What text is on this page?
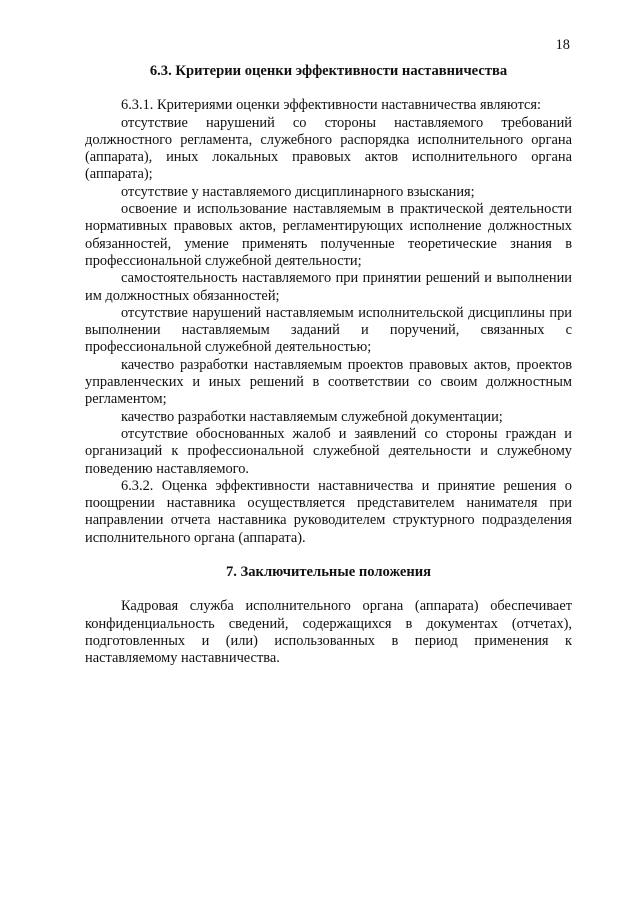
18
6.3. Критерии оценки эффективности наставничества

6.3.1. Критериями оценки эффективности наставничества являются:

отсутствие нарушений со стороны наставляемого требований должностного регламента, служебного распорядка исполнительного органа (аппарата), иных локальных правовых актов исполнительного органа (аппарата);

отсутствие у наставляемого дисциплинарного взыскания;

освоение и использование наставляемым в практической деятельности нормативных правовых актов, регламентирующих исполнение должностных обязанностей, умение применять полученные теоретические знания в профессиональной служебной деятельности;

самостоятельность наставляемого при принятии решений и выполнении им должностных обязанностей;

отсутствие нарушений наставляемым исполнительской дисциплины при выполнении наставляемым заданий и поручений, связанных с профессиональной служебной деятельностью;

качество разработки наставляемым проектов правовых актов, проектов управленческих и иных решений в соответствии со своим должностным регламентом;

качество разработки наставляемым служебной документации;

отсутствие обоснованных жалоб и заявлений со стороны граждан и организаций к профессиональной служебной деятельности и служебному поведению наставляемого.

6.3.2. Оценка эффективности наставничества и принятие решения о поощрении наставника осуществляется представителем нанимателя при направлении отчета наставника руководителем структурного подразделения исполнительного органа (аппарата).

7. Заключительные положения

Кадровая служба исполнительного органа (аппарата) обеспечивает конфиденциальность сведений, содержащихся в документах (отчетах), подготовленных и (или) использованных в период применения к наставляемому наставничества.
